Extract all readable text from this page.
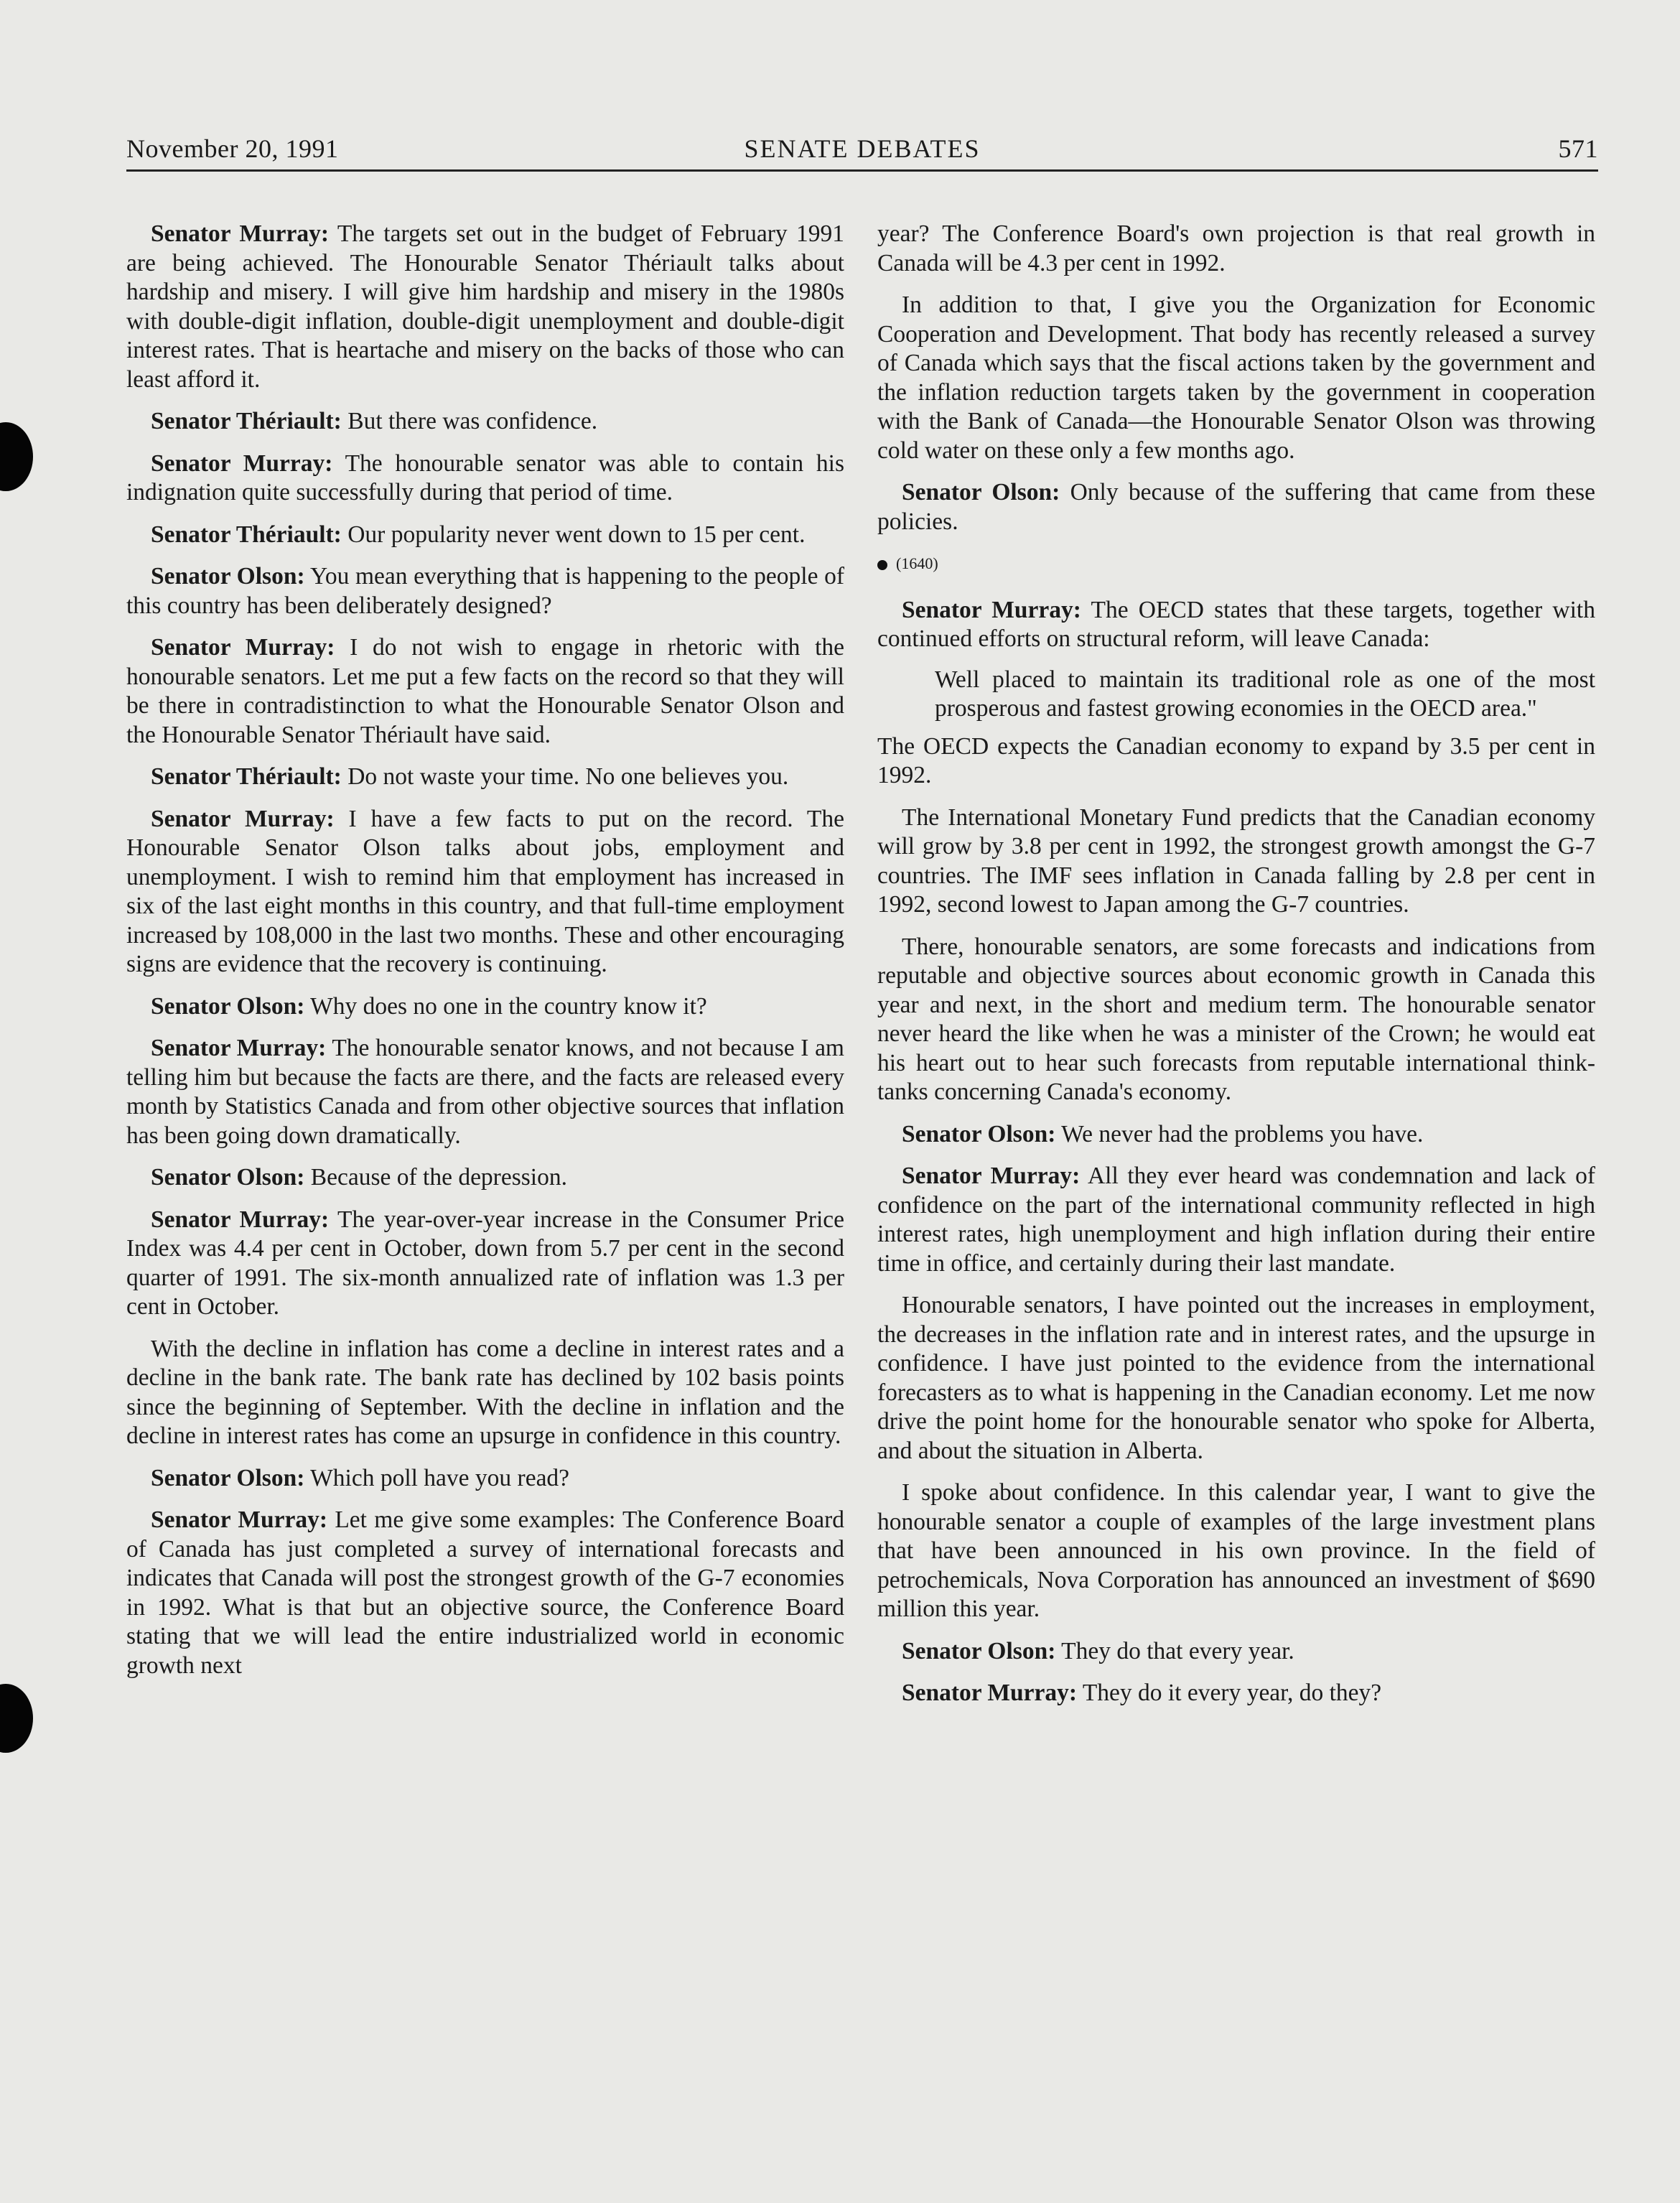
November 20, 1991	SENATE DEBATES	571

Senator Murray: The targets set out in the budget of February 1991 are being achieved. The Honourable Senator Thériault talks about hardship and misery. I will give him hardship and misery in the 1980s with double-digit inflation, double-digit unemployment and double-digit interest rates. That is heartache and misery on the backs of those who can least afford it.

Senator Thériault: But there was confidence.

Senator Murray: The honourable senator was able to contain his indignation quite successfully during that period of time.

Senator Thériault: Our popularity never went down to 15 per cent.

Senator Olson: You mean everything that is happening to the people of this country has been deliberately designed?

Senator Murray: I do not wish to engage in rhetoric with the honourable senators. Let me put a few facts on the record so that they will be there in contradistinction to what the Honourable Senator Olson and the Honourable Senator Thériault have said.

Senator Thériault: Do not waste your time. No one believes you.

Senator Murray: I have a few facts to put on the record. The Honourable Senator Olson talks about jobs, employment and unemployment. I wish to remind him that employment has increased in six of the last eight months in this country, and that full-time employment increased by 108,000 in the last two months. These and other encouraging signs are evidence that the recovery is continuing.

Senator Olson: Why does no one in the country know it?

Senator Murray: The honourable senator knows, and not because I am telling him but because the facts are there, and the facts are released every month by Statistics Canada and from other objective sources that inflation has been going down dramatically.

Senator Olson: Because of the depression.

Senator Murray: The year-over-year increase in the Consumer Price Index was 4.4 per cent in October, down from 5.7 per cent in the second quarter of 1991. The six-month annualized rate of inflation was 1.3 per cent in October.

With the decline in inflation has come a decline in interest rates and a decline in the bank rate. The bank rate has declined by 102 basis points since the beginning of September. With the decline in inflation and the decline in interest rates has come an upsurge in confidence in this country.

Senator Olson: Which poll have you read?

Senator Murray: Let me give some examples: The Conference Board of Canada has just completed a survey of international forecasts and indicates that Canada will post the strongest growth of the G-7 economies in 1992. What is that but an objective source, the Conference Board stating that we will lead the entire industrialized world in economic growth next

year? The Conference Board's own projection is that real growth in Canada will be 4.3 per cent in 1992.

In addition to that, I give you the Organization for Economic Cooperation and Development. That body has recently released a survey of Canada which says that the fiscal actions taken by the government and the inflation reduction targets taken by the government in cooperation with the Bank of Canada—the Honourable Senator Olson was throwing cold water on these only a few months ago.

Senator Olson: Only because of the suffering that came from these policies.

(1640)

Senator Murray: The OECD states that these targets, together with continued efforts on structural reform, will leave Canada:

Well placed to maintain its traditional role as one of the most prosperous and fastest growing economies in the OECD area."

The OECD expects the Canadian economy to expand by 3.5 per cent in 1992.

The International Monetary Fund predicts that the Canadian economy will grow by 3.8 per cent in 1992, the strongest growth amongst the G-7 countries. The IMF sees inflation in Canada falling by 2.8 per cent in 1992, second lowest to Japan among the G-7 countries.

There, honourable senators, are some forecasts and indications from reputable and objective sources about economic growth in Canada this year and next, in the short and medium term. The honourable senator never heard the like when he was a minister of the Crown; he would eat his heart out to hear such forecasts from reputable international think-tanks concerning Canada's economy.

Senator Olson: We never had the problems you have.

Senator Murray: All they ever heard was condemnation and lack of confidence on the part of the international community reflected in high interest rates, high unemployment and high inflation during their entire time in office, and certainly during their last mandate.

Honourable senators, I have pointed out the increases in employment, the decreases in the inflation rate and in interest rates, and the upsurge in confidence. I have just pointed to the evidence from the international forecasters as to what is happening in the Canadian economy. Let me now drive the point home for the honourable senator who spoke for Alberta, and about the situation in Alberta.

I spoke about confidence. In this calendar year, I want to give the honourable senator a couple of examples of the large investment plans that have been announced in his own province. In the field of petrochemicals, Nova Corporation has announced an investment of $690 million this year.

Senator Olson: They do that every year.

Senator Murray: They do it every year, do they?
